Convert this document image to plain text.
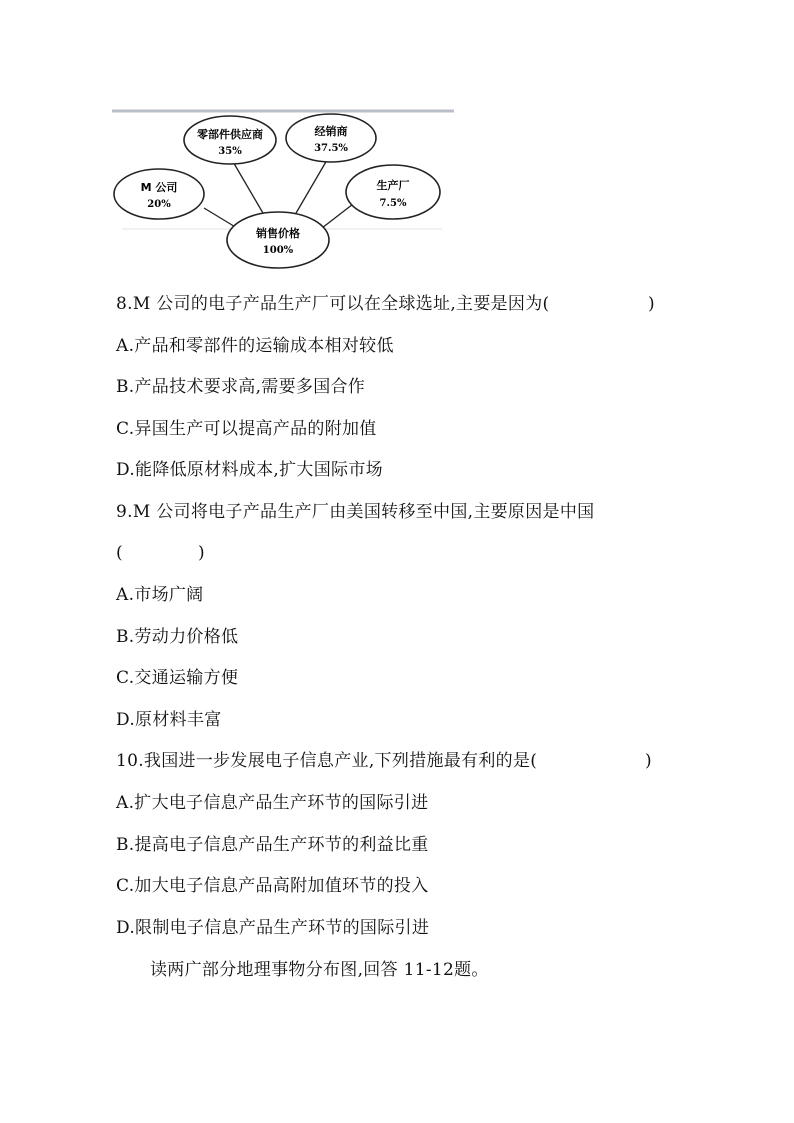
零部件供应商
35%
经销商
37.5%
M 公司
20%
生产厂
7.5%
销售价格
100%
8.M 公司的电子产品生产厂可以在全球选址,主要是因为(	)
A.产品和零部件的运输成本相对较低
B.产品技术要求高,需要多国合作
C.异国生产可以提高产品的附加值
D.能降低原材料成本,扩大国际市场
9.M 公司将电子产品生产厂由美国转移至中国,主要原因是中国
(	)
A.市场广阔
B.劳动力价格低
C.交通运输方便
D.原材料丰富
10.我国进一步发展电子信息产业,下列措施最有利的是(	)
A.扩大电子信息产品生产环节的国际引进
B.提高电子信息产品生产环节的利益比重
C.加大电子信息产品高附加值环节的投入
D.限制电子信息产品生产环节的国际引进
读两广部分地理事物分布图,回答 11-12题。
